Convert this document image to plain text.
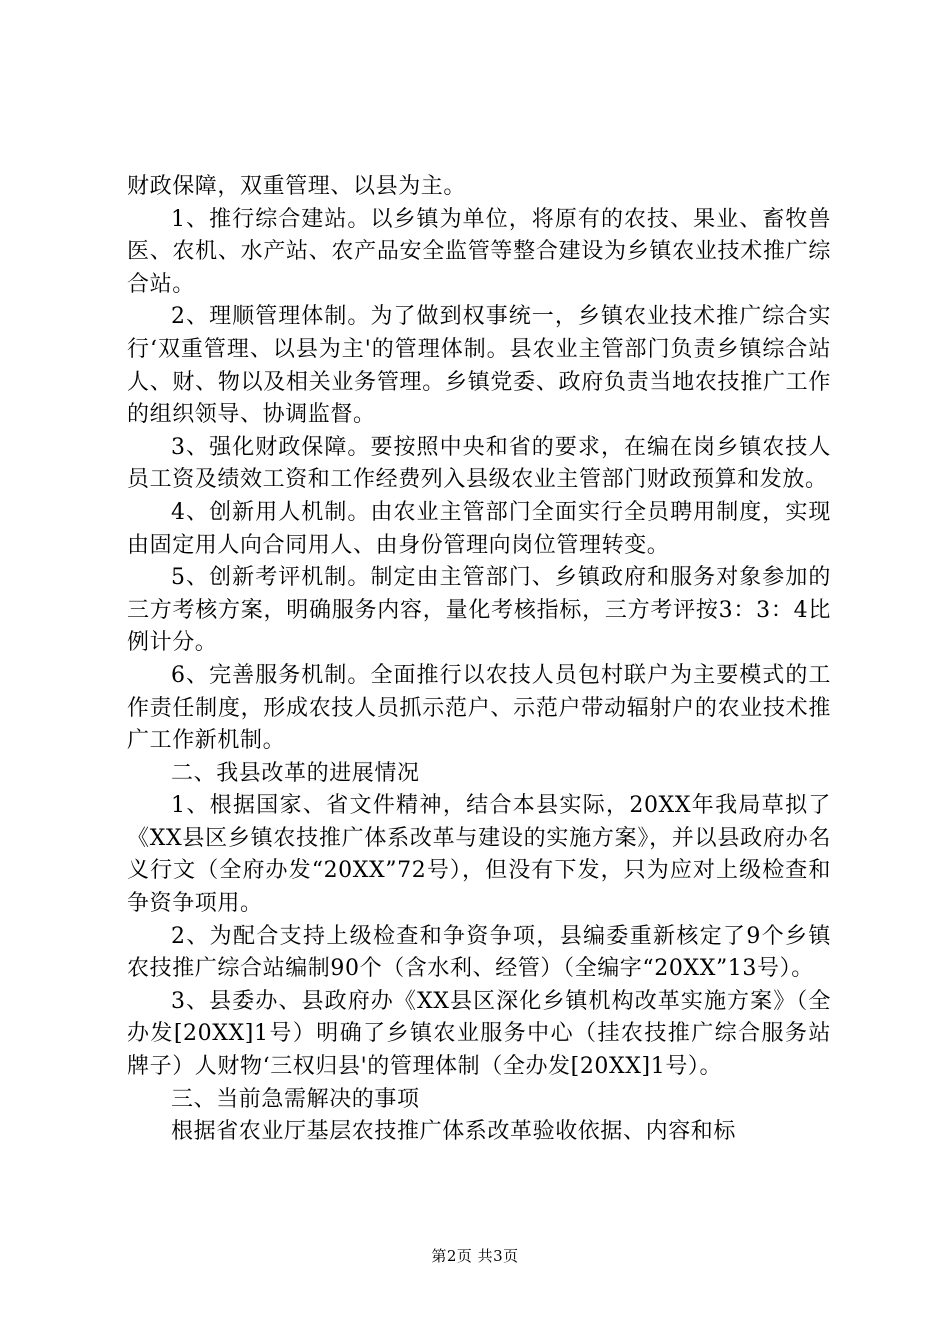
财政保障，双重管理、以县为主。

1、推行综合建站。以乡镇为单位，将原有的农技、果业、畜牧兽医、农机、水产站、农产品安全监管等整合建设为乡镇农业技术推广综合站。

2、理顺管理体制。为了做到权事统一，乡镇农业技术推广综合实行‘双重管理、以县为主'的管理体制。县农业主管部门负责乡镇综合站人、财、物以及相关业务管理。乡镇党委、政府负责当地农技推广工作的组织领导、协调监督。

3、强化财政保障。要按照中央和省的要求，在编在岗乡镇农技人员工资及绩效工资和工作经费列入县级农业主管部门财政预算和发放。

4、创新用人机制。由农业主管部门全面实行全员聘用制度，实现由固定用人向合同用人、由身份管理向岗位管理转变。

5、创新考评机制。制定由主管部门、乡镇政府和服务对象参加的三方考核方案，明确服务内容，量化考核指标，三方考评按3：3：4比例计分。

6、完善服务机制。全面推行以农技人员包村联户为主要模式的工作责任制度，形成农技人员抓示范户、示范户带动辐射户的农业技术推广工作新机制。

二、我县改革的进展情况

1、根据国家、省文件精神，结合本县实际，20XX年我局草拟了《XX县区乡镇农技推广体系改革与建设的实施方案》，并以县政府办名义行文（全府办发“20XX”72号），但没有下发，只为应对上级检查和争资争项用。

2、为配合支持上级检查和争资争项，县编委重新核定了9个乡镇农技推广综合站编制90个（含水利、经管）（全编字“20XX”13号）。

3、县委办、县政府办《XX县区深化乡镇机构改革实施方案》（全办发[20XX]1号）明确了乡镇农业服务中心（挂农技推广综合服务站牌子）人财物‘三权归县'的管理体制（全办发[20XX]1号）。

三、当前急需解决的事项

根据省农业厅基层农技推广体系改革验收依据、内容和标

第2页 共3页
